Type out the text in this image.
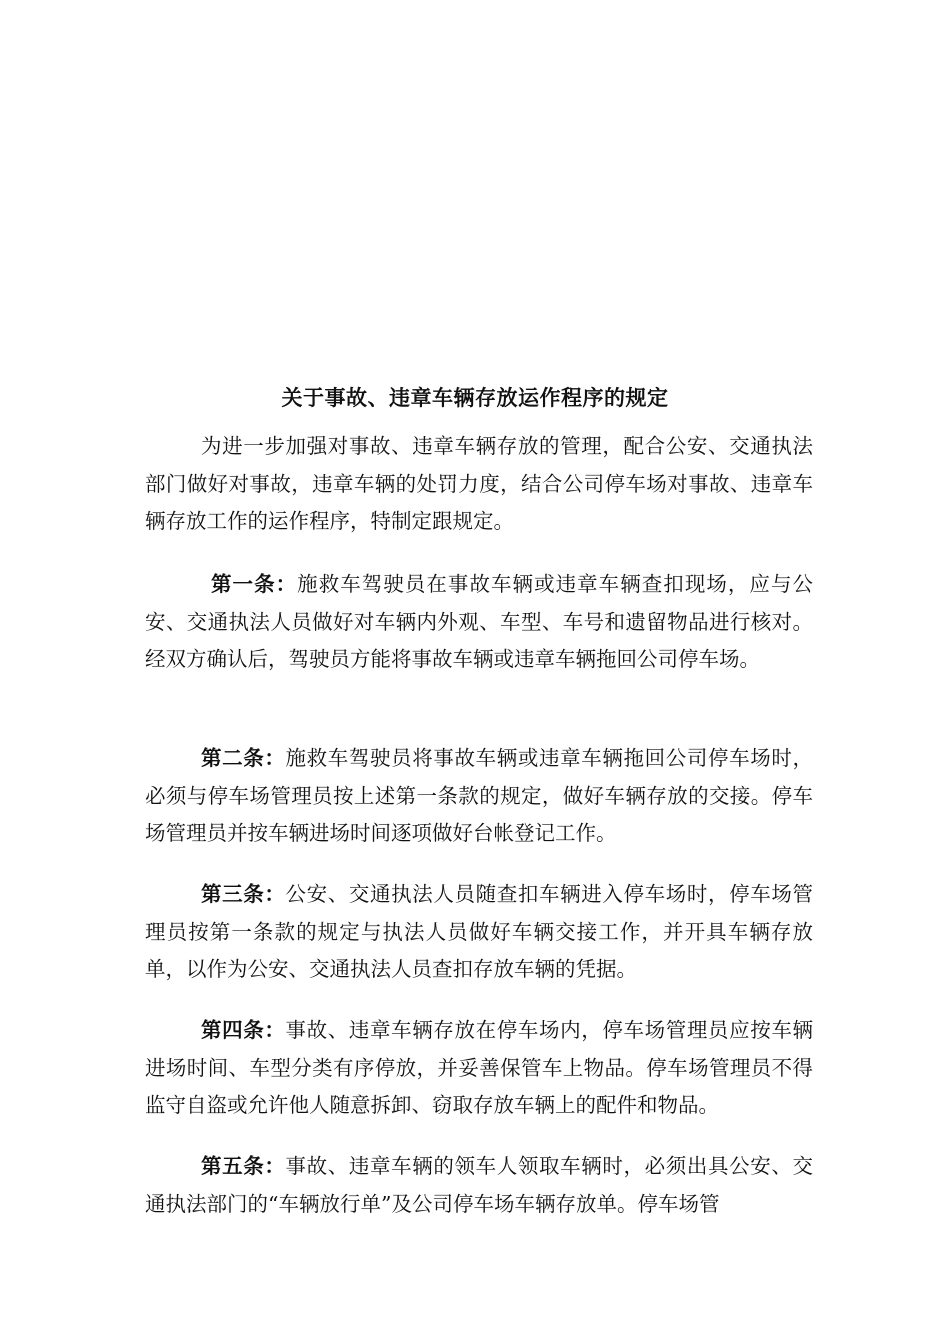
关于事故、违章车辆存放运作程序的规定

为进一步加强对事故、违章车辆存放的管理，配合公安、交通执法部门做好对事故，违章车辆的处罚力度，结合公司停车场对事故、违章车辆存放工作的运作程序，特制定跟规定。

第一条：施救车驾驶员在事故车辆或违章车辆查扣现场，应与公安、交通执法人员做好对车辆内外观、车型、车号和遗留物品进行核对。经双方确认后，驾驶员方能将事故车辆或违章车辆拖回公司停车场。

第二条：施救车驾驶员将事故车辆或违章车辆拖回公司停车场时，必须与停车场管理员按上述第一条款的规定，做好车辆存放的交接。停车场管理员并按车辆进场时间逐项做好台帐登记工作。

第三条：公安、交通执法人员随查扣车辆进入停车场时，停车场管理员按第一条款的规定与执法人员做好车辆交接工作，并开具车辆存放单，以作为公安、交通执法人员查扣存放车辆的凭据。

第四条：事故、违章车辆存放在停车场内，停车场管理员应按车辆进场时间、车型分类有序停放，并妥善保管车上物品。停车场管理员不得监守自盗或允许他人随意拆卸、窃取存放车辆上的配件和物品。

第五条：事故、违章车辆的领车人领取车辆时，必须出具公安、交通执法部门的“车辆放行单”及公司停车场车辆存放单。停车场管
